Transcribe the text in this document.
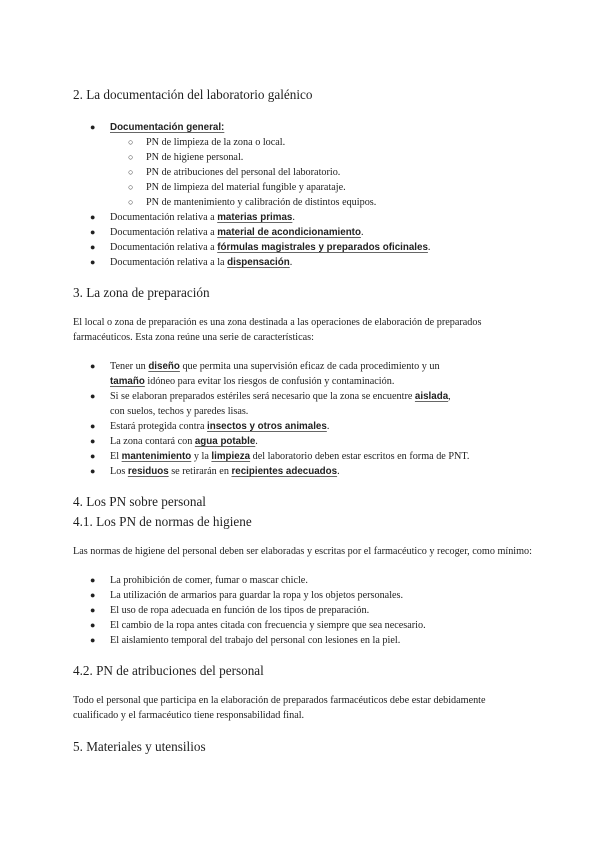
2. La documentación del laboratorio galénico
● Documentación general:
○ PN de limpieza de la zona o local.
○ PN de higiene personal.
○ PN de atribuciones del personal del laboratorio.
○ PN de limpieza del material fungible y aparataje.
○ PN de mantenimiento y calibración de distintos equipos.
● Documentación relativa a materias primas.
● Documentación relativa a material de acondicionamiento.
● Documentación relativa a fórmulas magistrales y preparados oficinales.
● Documentación relativa a la dispensación.
3. La zona de preparación
El local o zona de preparación es una zona destinada a las operaciones de elaboración de preparados farmacéuticos. Esta zona reúne una serie de características:
● Tener un diseño que permita una supervisión eficaz de cada procedimiento y un
tamaño idóneo para evitar los riesgos de confusión y contaminación.
● Si se elaboran preparados estériles será necesario que la zona se encuentre aislada,
con suelos, techos y paredes lisas.
● Estará protegida contra insectos y otros animales.
● La zona contará con agua potable.
● El mantenimiento y la limpieza del laboratorio deben estar escritos en forma de PNT.
● Los residuos se retirarán en recipientes adecuados.
4. Los PN sobre personal
4.1. Los PN de normas de higiene
Las normas de higiene del personal deben ser elaboradas y escritas por el farmacéutico y recoger, como mínimo:
● La prohibición de comer, fumar o mascar chicle.
● La utilización de armarios para guardar la ropa y los objetos personales.
● El uso de ropa adecuada en función de los tipos de preparación.
● El cambio de la ropa antes citada con frecuencia y siempre que sea necesario.
● El aislamiento temporal del trabajo del personal con lesiones en la piel.
4.2. PN de atribuciones del personal
Todo el personal que participa en la elaboración de preparados farmacéuticos debe estar debidamente cualificado y el farmacéutico tiene responsabilidad final.
5. Materiales y utensilios
